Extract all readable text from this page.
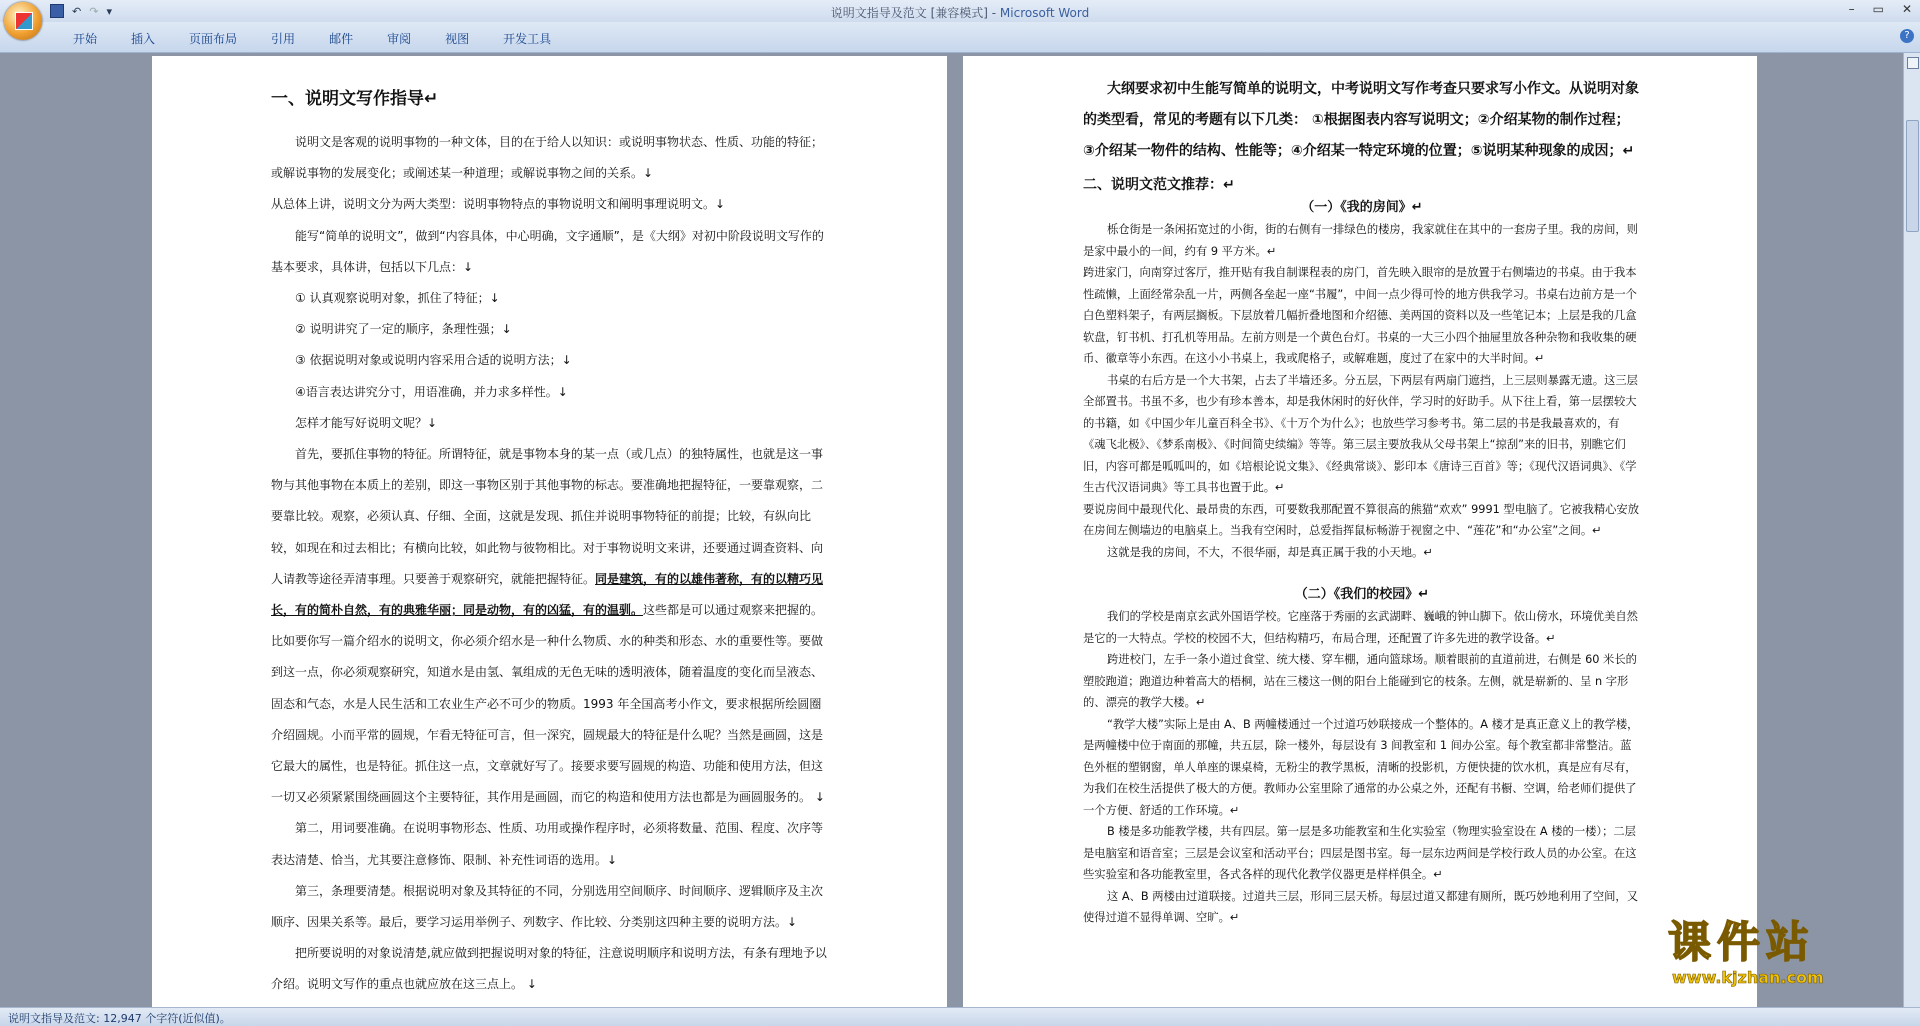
说明文指导及范文 [兼容模式] - Microsoft Word
↶ ↷ ▾	– ▭ ✕
开始	插入	页面布局	引用	邮件	审阅	视图	开发工具	?
一、说明文写作指导↵

说明文是客观的说明事物的一种文体，目的在于给人以知识：或说明事物状态、性质、功能的特征；或解说事物的发展变化；或阐述某一种道理；或解说事物之间的关系。↓

从总体上讲，说明文分为两大类型：说明事物特点的事物说明文和阐明事理说明文。↓

能写“简单的说明文”，做到“内容具体，中心明确，文字通顺”，是《大纲》对初中阶段说明文写作的基本要求，具体讲，包括以下几点：↓

① 认真观察说明对象，抓住了特征；↓

② 说明讲究了一定的顺序，条理性强；↓

③ 依据说明对象或说明内容采用合适的说明方法；↓

④语言表达讲究分寸，用语准确，并力求多样性。↓

怎样才能写好说明文呢？↓

首先，要抓住事物的特征。所谓特征，就是事物本身的某一点（或几点）的独特属性，也就是这一事物与其他事物在本质上的差别，即这一事物区别于其他事物的标志。要准确地把握特征，一要靠观察，二要靠比较。观察，必须认真、仔细、全面，这就是发现、抓住并说明事物特征的前提；比较，有纵向比较，如现在和过去相比；有横向比较，如此物与彼物相比。对于事物说明文来讲，还要通过调查资料、向人请教等途径弄清事理。只要善于观察研究，就能把握特征。同是建筑，有的以雄伟著称，有的以精巧见长，有的简朴自然，有的典雅华丽；同是动物，有的凶猛，有的温驯。这些都是可以通过观察来把握的。比如要你写一篇介绍水的说明文，你必须介绍水是一种什么物质、水的种类和形态、水的重要性等。要做到这一点，你必须观察研究，知道水是由氢、氧组成的无色无味的透明液体，随着温度的变化而呈液态、固态和气态，水是人民生活和工农业生产必不可少的物质。1993 年全国高考小作文，要求根据所绘圆圈介绍圆规。小而平常的圆规，乍看无特征可言，但一深究，圆规最大的特征是什么呢？当然是画圆，这是它最大的属性，也是特征。抓住这一点，文章就好写了。接要求要写圆规的构造、功能和使用方法，但这一切又必须紧紧围绕画圆这个主要特征，其作用是画圆，而它的构造和使用方法也都是为画圆服务的。 ↓

第二，用词要准确。在说明事物形态、性质、功用或操作程序时，必须将数量、范围、程度、次序等表达清楚、恰当，尤其要注意修饰、限制、补充性词语的选用。↓

第三，条理要清楚。根据说明对象及其特征的不同，分别选用空间顺序、时间顺序、逻辑顺序及主次顺序、因果关系等。最后，要学习运用举例子、列数字、作比较、分类别这四种主要的说明方法。↓

把所要说明的对象说清楚,就应做到把握说明对象的特征，注意说明顺序和说明方法，有条有理地予以介绍。说明文写作的重点也就应放在这三点上。 ↓

大纲要求初中生能写简单的说明文，中考说明文写作考查只要求写小作文。从说明对象的类型看，常见的考题有以下几类： ①根据图表内容写说明文；②介绍某物的制作过程；③介绍某一物件的结构、性能等；④介绍某一特定环境的位置；⑤说明某种现象的成因；↵

二、说明文范文推荐：↵
（一）《我的房间》↵

栎仓街是一条闲拓宽过的小街，街的右侧有一排绿色的楼房，我家就住在其中的一套房子里。我的房间，则是家中最小的一间，约有 9 平方米。↵

跨进家门，向南穿过客厅，推开贴有我自制课程表的房门，首先映入眼帘的是放置于右侧墙边的书桌。由于我本性疏懒，上面经常杂乱一片，两侧各垒起一座“书履”，中间一点少得可怜的地方供我学习。书桌右边前方是一个白色塑料架子，有两层搁板。下层放着几幅折叠地图和介绍德、美两国的资料以及一些笔记本；上层是我的几盒软盘，钉书机、打孔机等用品。左前方则是一个黄色台灯。书桌的一大三小四个抽屉里放各种杂物和我收集的硬币、徽章等小东西。在这小小书桌上，我或爬格子，或解难题，度过了在家中的大半时间。↵

书桌的右后方是一个大书架，占去了半墙还多。分五层，下两层有两扇门遮挡，上三层则暴露无遗。这三层全部置书。书虽不多，也少有珍本善本，却是我休闲时的好伙伴，学习时的好助手。从下往上看，第一层摆较大的书籍，如《中国少年儿童百科全书》、《十万个为什么》；也放些学习参考书。第二层的书是我最喜欢的，有《魂飞北极》、《梦系南极》、《时间简史续编》等等。第三层主要放我从父母书架上“掠刮”来的旧书，别瞧它们旧，内容可都是呱呱叫的，如《培根论说文集》、《经典常谈》、影印本《唐诗三百首》等；《现代汉语词典》、《学生古代汉语词典》等工具书也置于此。↵

要说房间中最现代化、最昂贵的东西，可要数我那配置不算很高的熊猫“欢欢” 9991 型电脑了。它被我精心安放在房间左侧墙边的电脑桌上。当我有空闲时，总爱指挥鼠标畅游于视窗之中、“莲花”和“办公室”之间。↵

这就是我的房间，不大，不很华丽，却是真正属于我的小天地。↵

（二）《我们的校园》↵

我们的学校是南京玄武外国语学校。它座落于秀丽的玄武湖畔、巍峨的钟山脚下。依山傍水，环境优美自然是它的一大特点。学校的校园不大，但结构精巧，布局合理，还配置了许多先进的教学设备。↵

跨进校门，左手一条小道过食堂、统大楼、穿车棚，通向篮球场。顺着眼前的直道前进，右侧是 60 米长的塑胶跑道；跑道边种着高大的梧桐，站在三楼这一侧的阳台上能碰到它的枝条。左侧，就是崭新的、呈 n 字形的、漂亮的教学大楼。↵

“教学大楼”实际上是由 A、B 两幢楼通过一个过道巧妙联接成一个整体的。A 楼才是真正意义上的教学楼，是两幢楼中位于南面的那幢，共五层，除一楼外，每层设有 3 间教室和 1 间办公室。每个教室都非常整洁。蓝色外框的塑钢窗，单人单座的课桌椅，无粉尘的教学黑板，清晰的投影机，方便快捷的饮水机，真是应有尽有，为我们在校生活提供了极大的方便。教师办公室里除了通常的办公桌之外，还配有书橱、空调，给老师们提供了一个方便、舒适的工作环境。↵

B 楼是多功能教学楼，共有四层。第一层是多功能教室和生化实验室（物理实验室设在 A 楼的一楼）；二层是电脑室和语音室；三层是会议室和活动平台；四层是图书室。每一层东边两间是学校行政人员的办公室。在这些实验室和各功能教室里，各式各样的现代化教学仪器更是样样俱全。↵

这 A、B 两楼由过道联接。过道共三层，形同三层天桥。每层过道又都建有厕所，既巧妙地利用了空间，又使得过道不显得单调、空旷。↵

说明文指导及范文: 12,947 个字符(近似值)。
课件站
www.kjzhan.com
